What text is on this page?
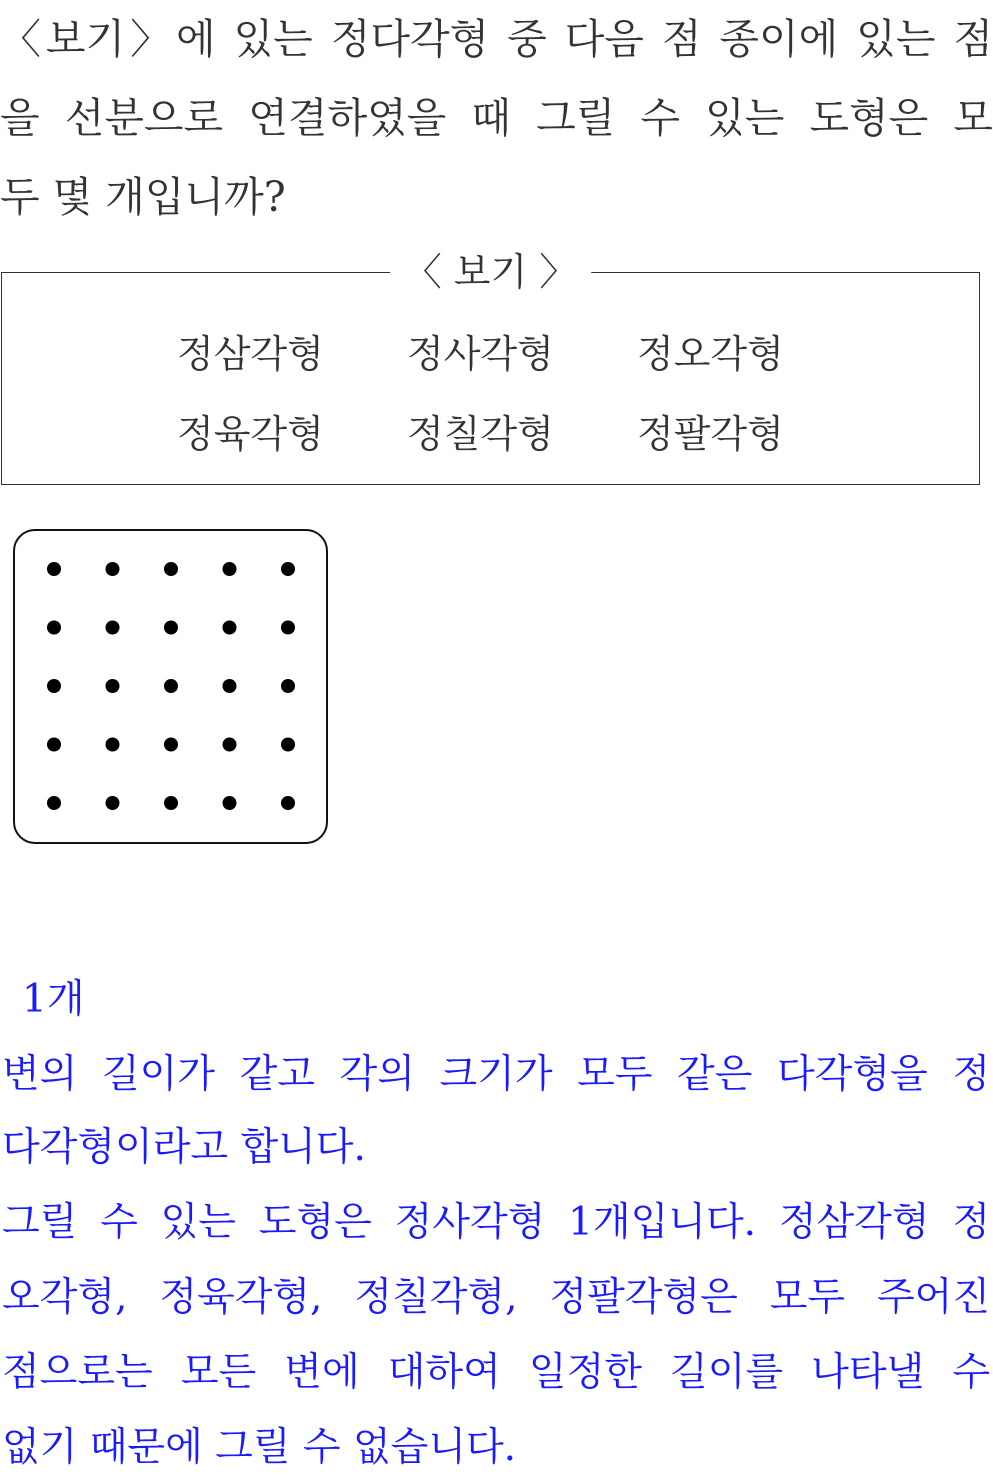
〈보기〉에 있는 정다각형 중 다음 점 종이에 있는 점
을 선분으로 연결하였을 때 그릴 수 있는 도형은 모
두 몇 개입니까?
〈 보기 〉
정삼각형	정사각형	정오각형
정육각형	정칠각형	정팔각형
1개
변의 길이가 같고 각의 크기가 모두 같은 다각형을 정
다각형이라고 합니다.
그릴 수 있는 도형은 정사각형 1개입니다. 정삼각형 정
오각형, 정육각형, 정칠각형, 정팔각형은 모두 주어진
점으로는 모든 변에 대하여 일정한 길이를 나타낼 수
없기 때문에 그릴 수 없습니다.
